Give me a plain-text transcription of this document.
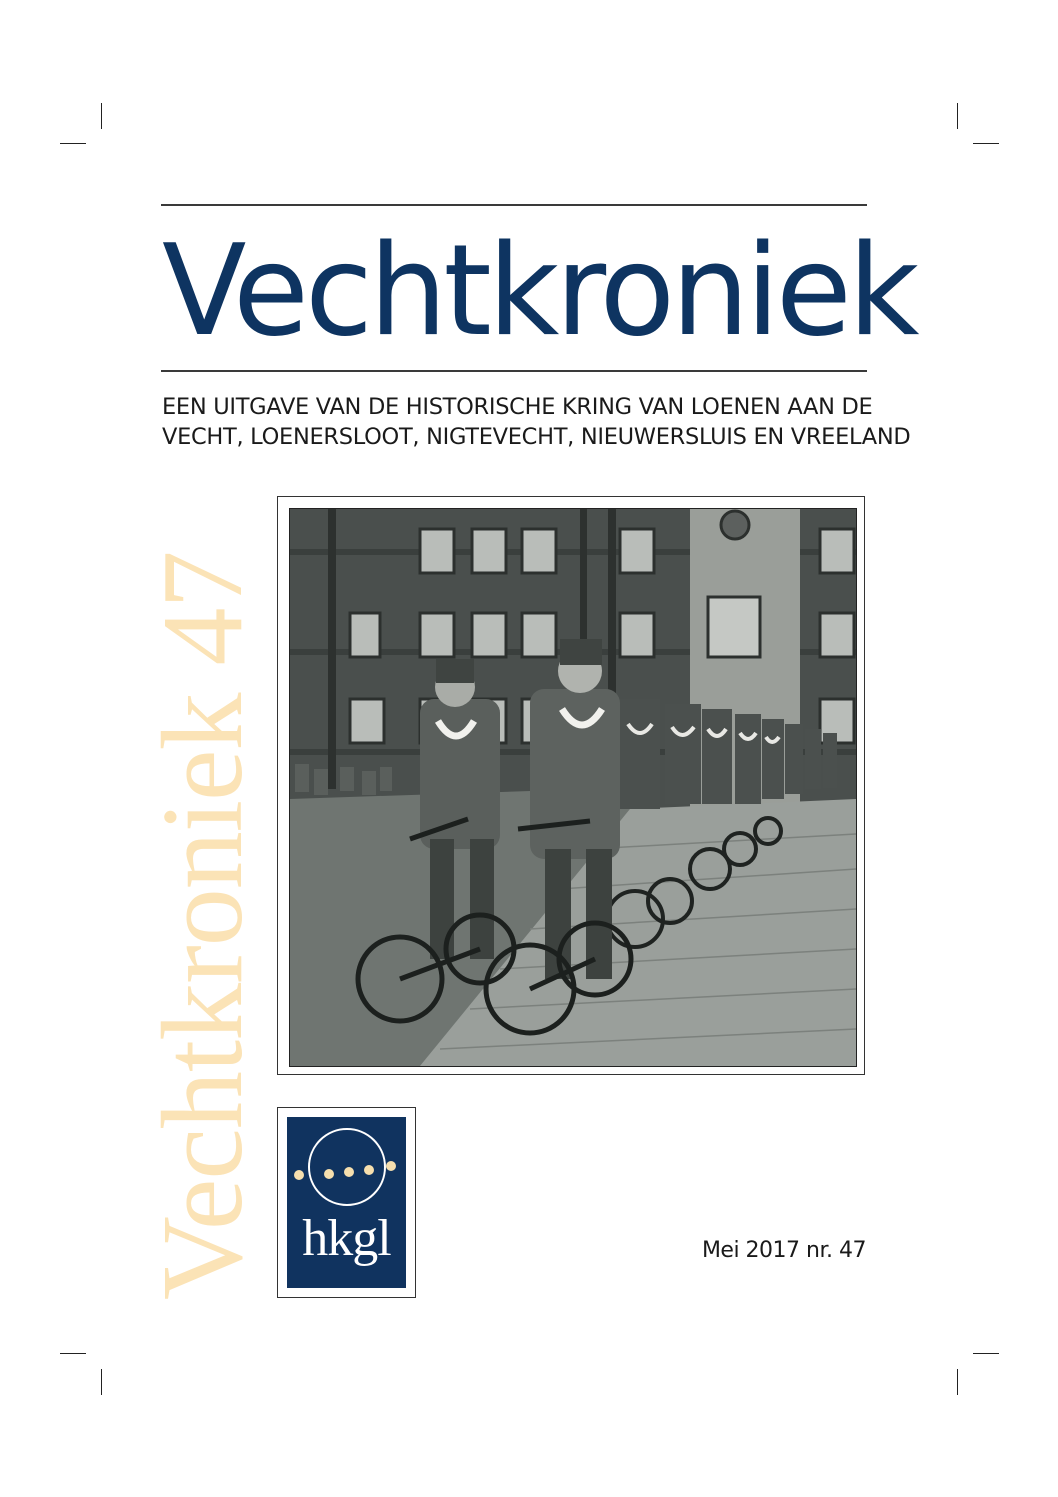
Vechtkroniek
EEN UITGAVE VAN DE HISTORISCHE KRING VAN LOENEN AAN DE
VECHT, LOENERSLOOT, NIGTEVECHT, NIEUWERSLUIS EN VREELAND
Vechtkroniek 47 hkgl	Mei 2017 nr. 47
